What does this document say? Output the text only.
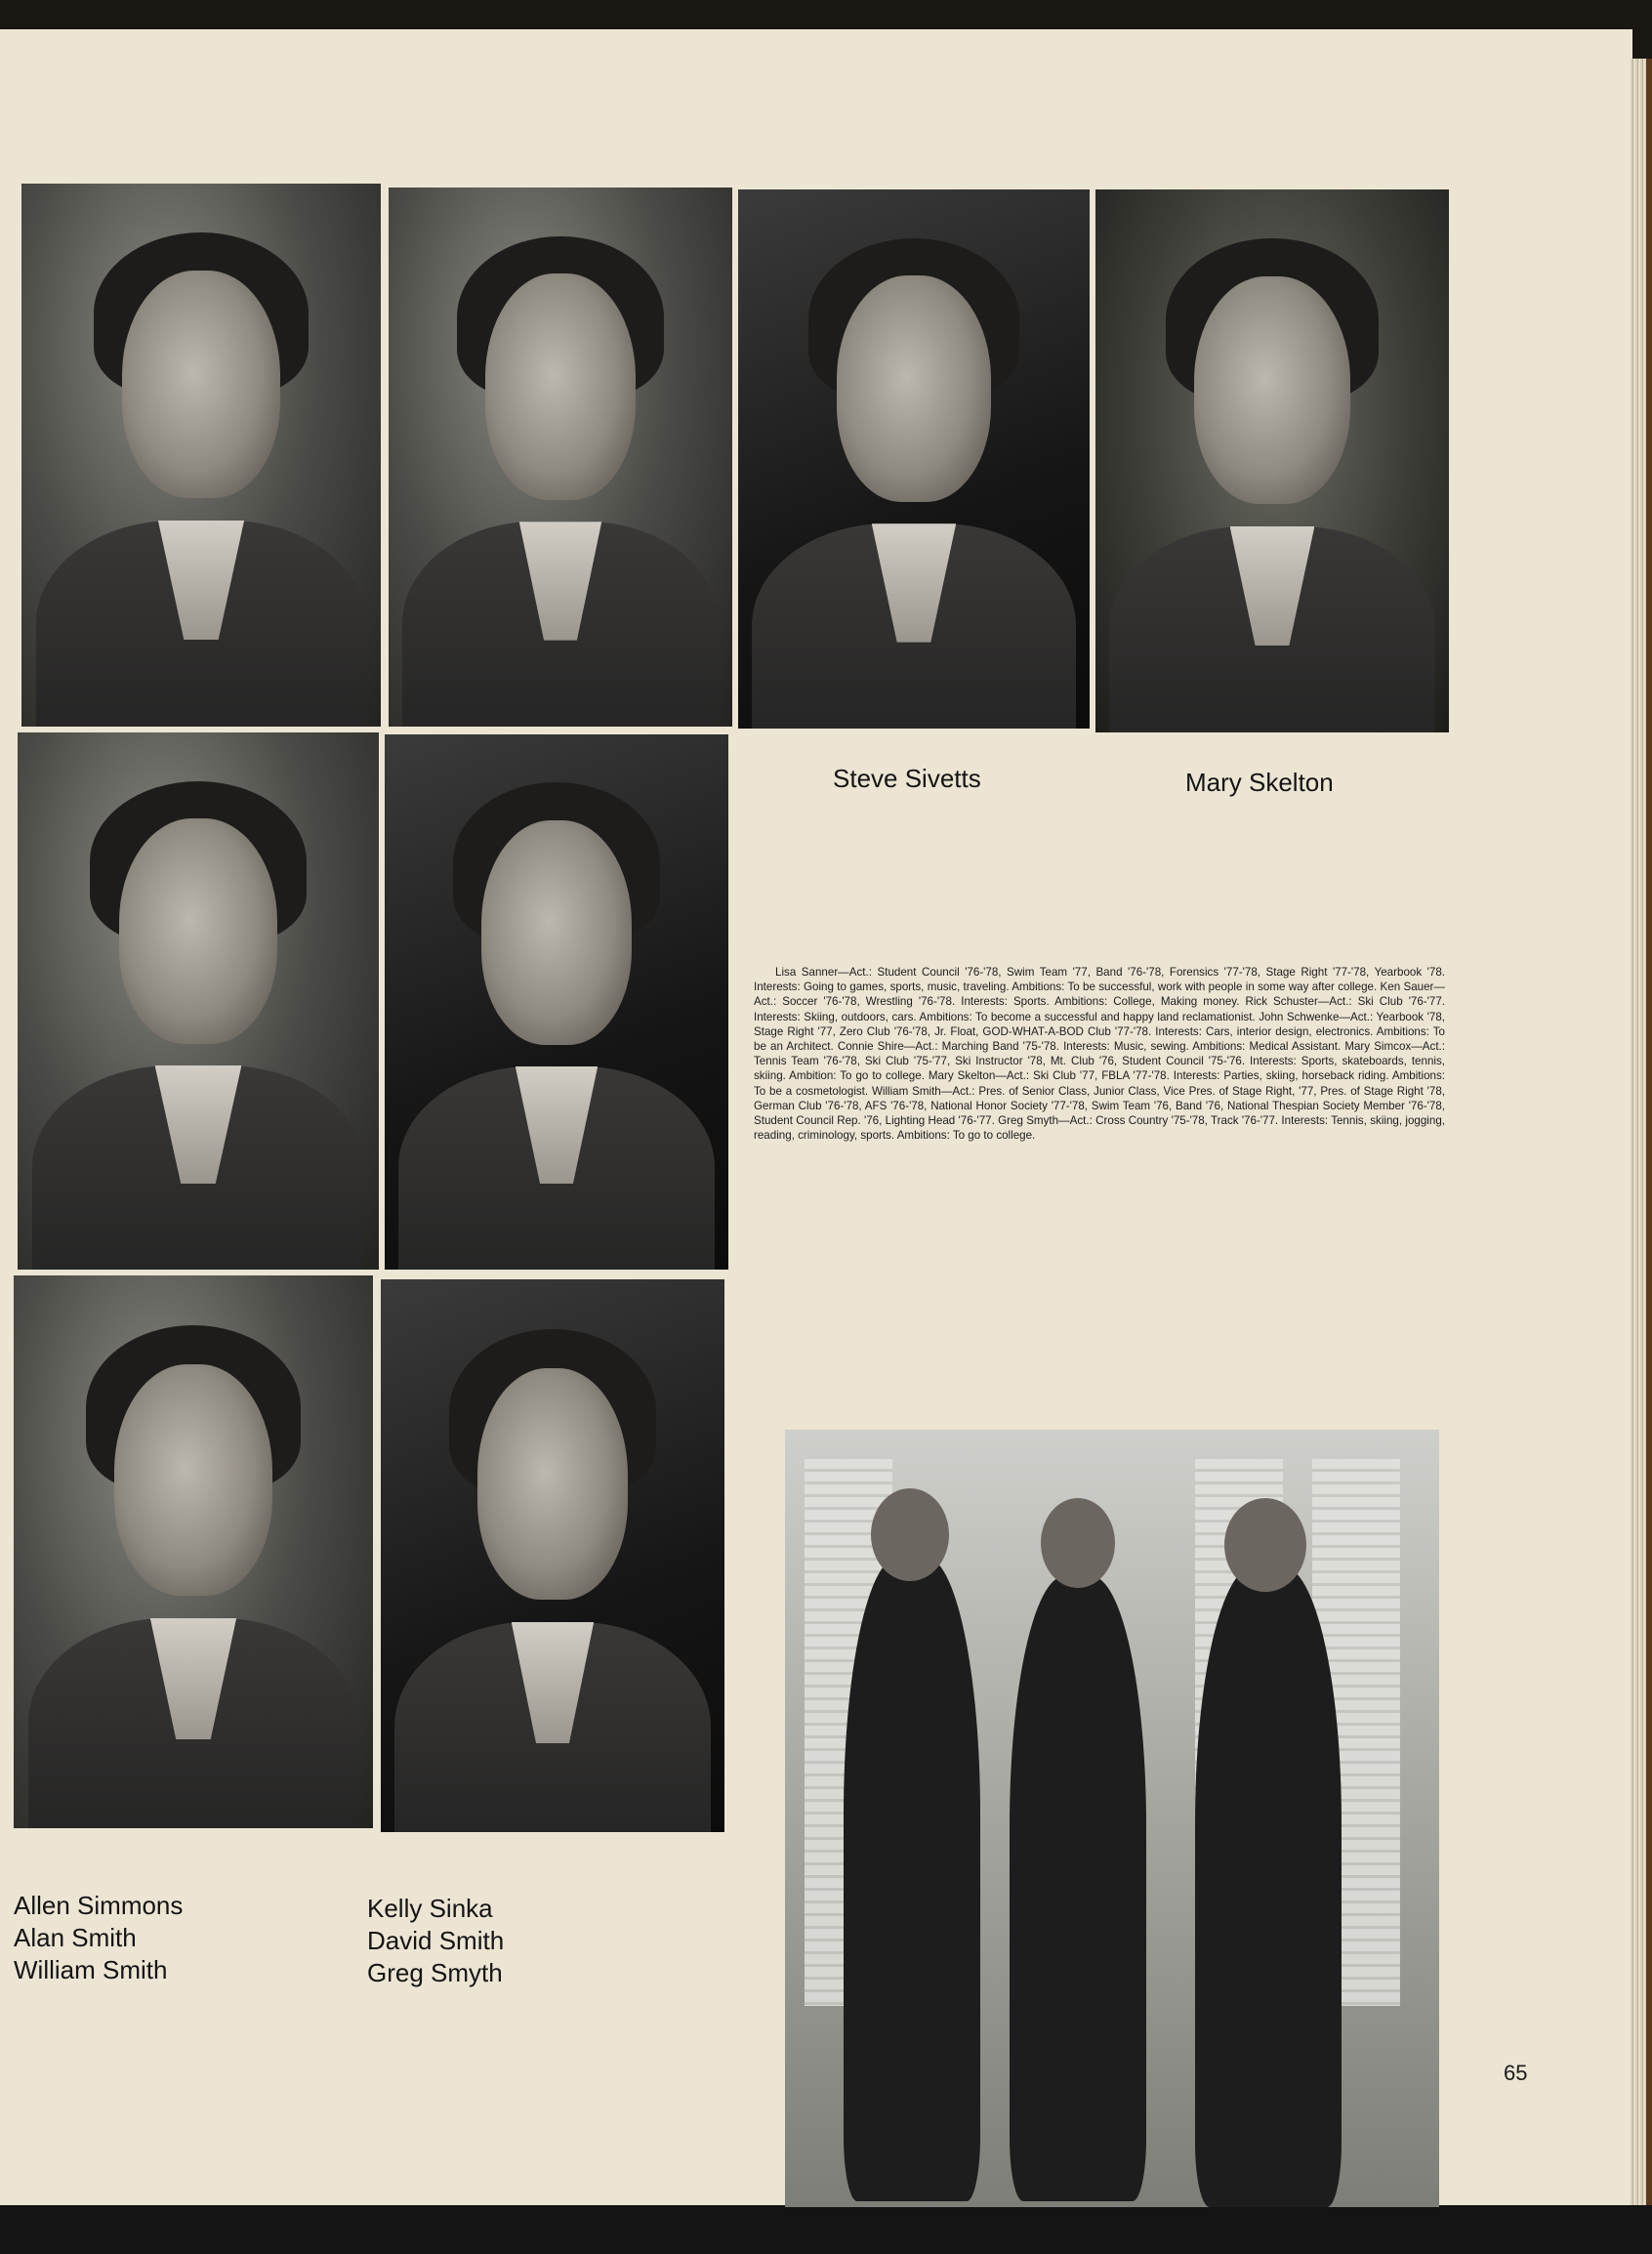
Steve Sivetts	Mary Skelton
Lisa Sanner—Act.: Student Council '76-'78, Swim Team '77, Band '76-'78, Forensics '77-'78, Stage Right '77-'78, Yearbook '78. Interests: Going to games, sports, music, traveling. Ambitions: To be successful, work with people in some way after college. Ken Sauer—Act.: Soccer '76-'78, Wrestling '76-'78. Interests: Sports. Ambitions: College, Making money. Rick Schuster—Act.: Ski Club '76-'77. Interests: Skiing, outdoors, cars. Ambitions: To become a successful and happy land reclamationist. John Schwenke—Act.: Yearbook '78, Stage Right '77, Zero Club '76-'78, Jr. Float, GOD-WHAT-A-BOD Club '77-'78. Interests: Cars, interior design, electronics. Ambitions: To be an Architect. Connie Shire—Act.: Marching Band '75-'78. Interests: Music, sewing. Ambitions: Medical Assistant. Mary Simcox—Act.: Tennis Team '76-'78, Ski Club '75-'77, Ski Instructor '78, Mt. Club '76, Student Council '75-'76. Interests: Sports, skateboards, tennis, skiing. Ambition: To go to college. Mary Skelton—Act.: Ski Club '77, FBLA '77-'78. Interests: Parties, skiing, horseback riding. Ambitions: To be a cosmetologist. William Smith—Act.: Pres. of Senior Class, Junior Class, Vice Pres. of Stage Right, '77, Pres. of Stage Right '78, German Club '76-'78, AFS '76-'78, National Honor Society '77-'78, Swim Team '76, Band '76, National Thespian Society Member '76-'78, Student Council Rep. '76, Lighting Head '76-'77. Greg Smyth—Act.: Cross Country '75-'78, Track '76-'77. Interests: Tennis, skiing, jogging, reading, criminology, sports. Ambitions: To go to college.
Allen Simmons
Alan Smith
William Smith
Kelly Sinka
David Smith
Greg Smyth
65
